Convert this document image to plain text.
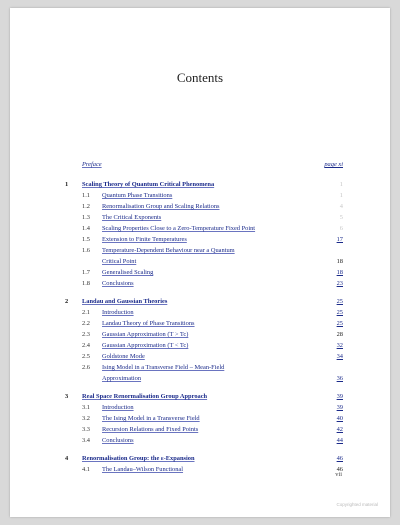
Contents
Preface	page xi
1	Scaling Theory of Quantum Critical Phenomena	1
1.1	Quantum Phase Transitions	1
1.2	Renormalisation Group and Scaling Relations	4
1.3	The Critical Exponents	5
1.4	Scaling Properties Close to a Zero-Temperature Fixed Point	6
1.5	Extension to Finite Temperatures	17
1.6	Temperature-Dependent Behaviour near a Quantum
Critical Point	18
1.7	Generalised Scaling	18
1.8	Conclusions	23
2	Landau and Gaussian Theories	25
2.1	Introduction	25
2.2	Landau Theory of Phase Transitions	25
2.3	Gaussian Approximation (T > Tc)	28
2.4	Gaussian Approximation (T < Tc)	32
2.5	Goldstone Mode	34
2.6	Ising Model in a Transverse Field – Mean-Field
Approximation	36
3	Real Space Renormalisation Group Approach	39
3.1	Introduction	39
3.2	The Ising Model in a Transverse Field	40
3.3	Recursion Relations and Fixed Points	42
3.4	Conclusions	44
4	Renormalisation Group: the ε-Expansion	46
4.1	The Landau–Wilson Functional	46
vii
Copyrighted material
